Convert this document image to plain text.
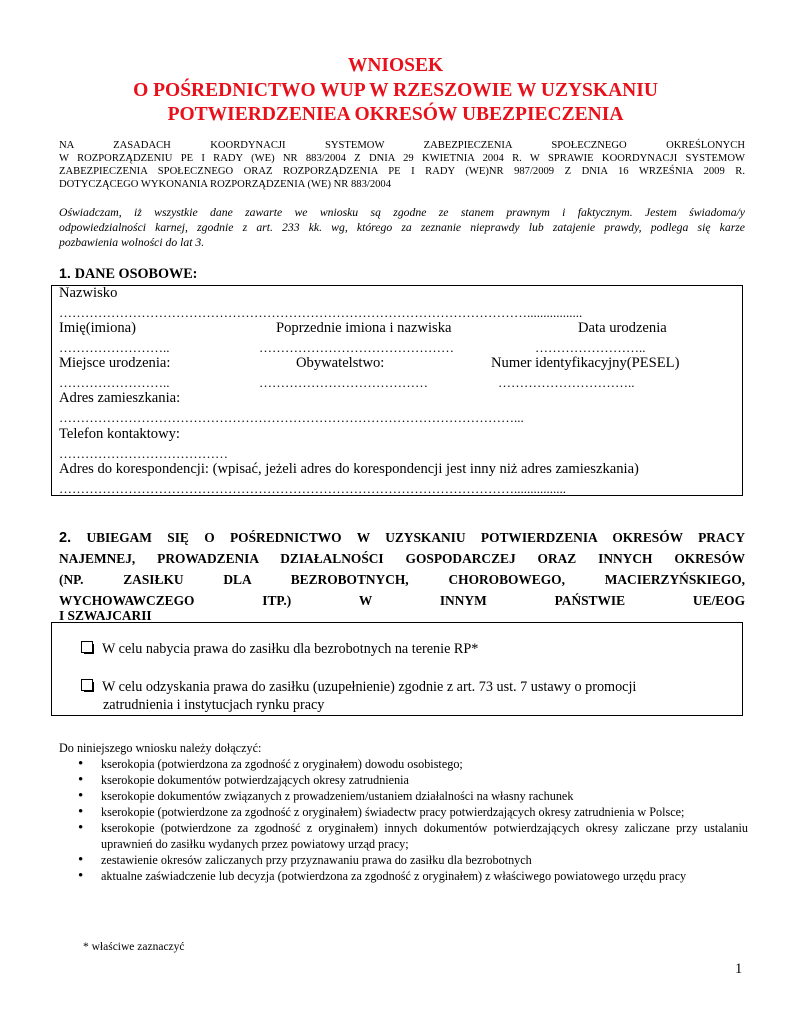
WNIOSEK
O POŚREDNICTWO WUP W RZESZOWIE W UZYSKANIU
POTWIERDZENIEA OKRESÓW UBEZPIECZENIA
NA ZASADACH KOORDYNACJI SYSTEMOW ZABEZPIECZENIA SPOŁECZNEGO OKREŚLONYCH
W ROZPORZĄDZENIU PE I RADY (WE) NR 883/2004 Z DNIA 29 KWIETNIA 2004 R. W SPRAWIE KOORDYNACJI SYSTEMOW
ZABEZPIECZENIA SPOŁECZNEGO ORAZ ROZPORZĄDZENIA PE I RADY (WE)NR 987/2009 Z DNIA 16 WRZEŚNIA 2009 R.
DOTYCZĄCEGO WYKONANIA ROZPORZĄDZENIA (WE) NR 883/2004
Oświadczam, iż wszystkie dane zawarte we wniosku są zgodne ze stanem prawnym i faktycznym. Jestem świadoma/y
odpowiedzialności karnej, zgodnie z art. 233 kk. wg, którego za zeznanie nieprawdy lub zatajenie prawdy, podlega się karze
pozbawienia wolności do lat 3.
1. DANE OSOBOWE:
Nazwisko
……………………………………………………………………………………………….................
Imię(imiona)	Poprzednie imiona i nazwiska	Data urodzenia
……………………..	………………………………………	……………………..
Miejsce urodzenia:	Obywatelstwo:	Numer identyfikacyjny(PESEL)
……………………..	…………………………………	…………………………..
Adres zamieszkania:
……………………………………………………………………………………………...
Telefon kontaktowy:
…………………………………
Adres do korespondencji: (wpisać, jeżeli adres do korespondencji jest inny niż adres zamieszkania)
……………………………………………………………………………………………................
2. UBIEGAM SIĘ O POŚREDNICTWO W UZYSKANIU POTWIERDZENIA OKRESÓW PRACY
NAJEMNEJ, PROWADZENIA DZIAŁALNOŚCI GOSPODARCZEJ ORAZ INNYCH OKRESÓW
(NP. ZASIŁKU DLA BEZROBOTNYCH, CHOROBOWEGO, MACIERZYŃSKIEGO,
WYCHOWAWCZEGO ITP.) W INNYM PAŃSTWIE UE/EOG
I SZWAJCARII
W celu nabycia prawa do zasiłku dla bezrobotnych na terenie RP*
W celu odzyskania prawa do zasiłku (uzupełnienie) zgodnie z art. 73 ust. 7 ustawy o promocji
zatrudnienia i instytucjach rynku pracy
Do niniejszego wniosku należy dołączyć:
• kserokopia (potwierdzona za zgodność z oryginałem) dowodu osobistego;
• kserokopie dokumentów potwierdzających okresy zatrudnienia
• kserokopie dokumentów związanych z prowadzeniem/ustaniem działalności na własny rachunek
• kserokopie (potwierdzone za zgodność z oryginałem) świadectw pracy potwierdzających okresy zatrudnienia w Polsce;
• kserokopie (potwierdzone za zgodność z oryginałem) innych dokumentów potwierdzających okresy zaliczane przy ustalaniu uprawnień do zasiłku wydanych przez powiatowy urząd pracy;
• zestawienie okresów zaliczanych przy przyznawaniu prawa do zasiłku dla bezrobotnych
• aktualne zaświadczenie lub decyzja (potwierdzona za zgodność z oryginałem) z właściwego powiatowego urzędu pracy
* właściwe zaznaczyć
1
